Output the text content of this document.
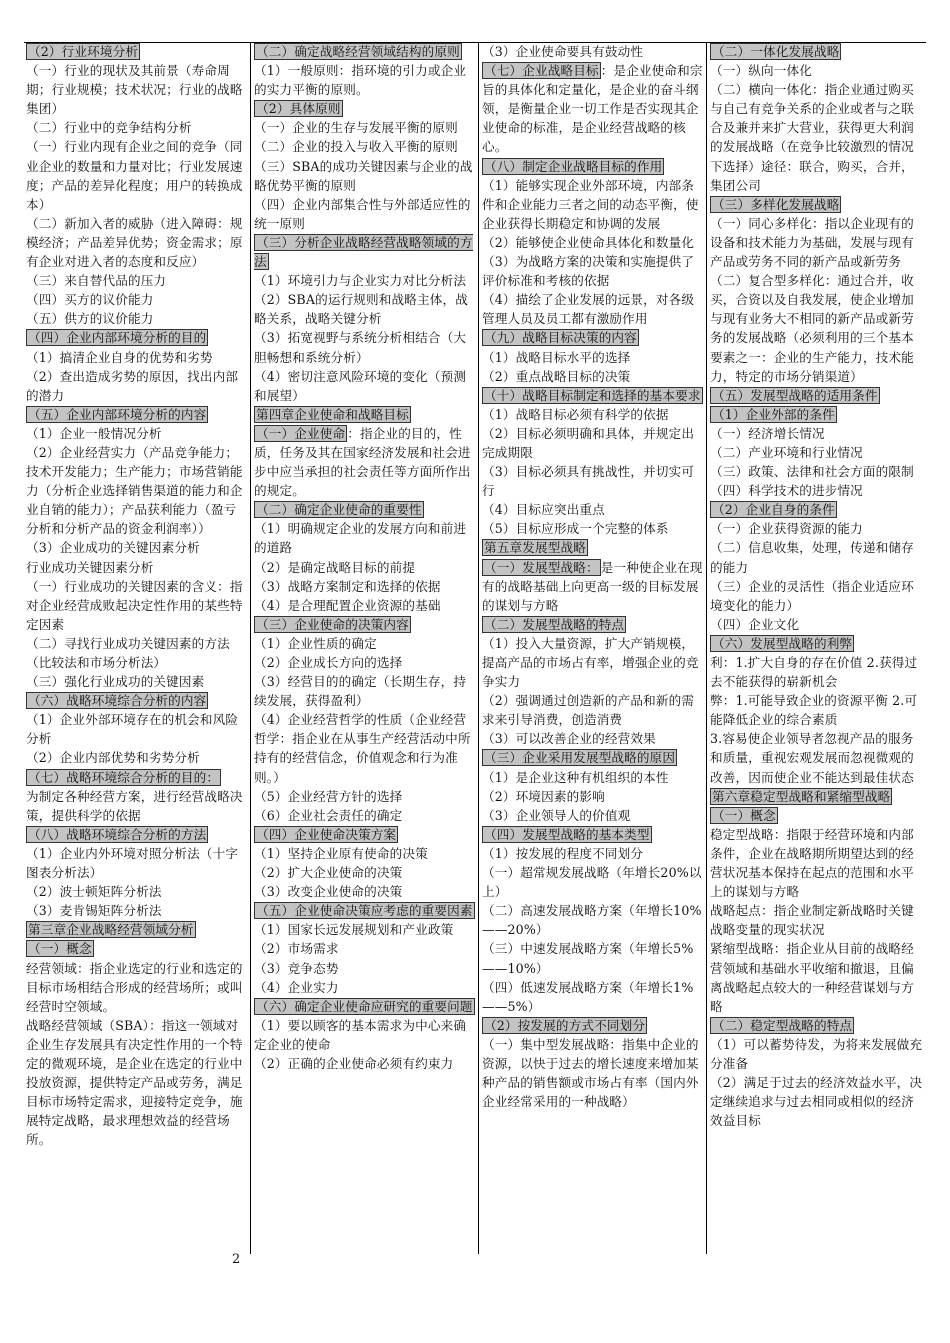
（2）行业环境分析
（一）行业的现状及其前景（寿命周期；行业规模；技术状况；行业的战略集团）
（二）行业中的竞争结构分析
（一）行业内现有企业之间的竞争（同业企业的数量和力量对比；行业发展速度；产品的差异化程度；用户的转换成本）
（二）新加入者的威胁（进入障碍：规模经济；产品差异优势；资金需求；原有企业对进入者的态度和反应）
（三）来自替代品的压力
（四）买方的议价能力
（五）供方的议价能力
（四）企业内部环境分析的目的
（1）搞清企业自身的优势和劣势
（2）查出造成劣势的原因，找出内部的潜力
（五）企业内部环境分析的内容
（1）企业一般情况分析
（2）企业经营实力（产品竞争能力；技术开发能力；生产能力；市场营销能力（分析企业选择销售渠道的能力和企业自销的能力）；产品获利能力（盈亏分析和分析产品的资金利润率））
（3）企业成功的关键因素分析
行业成功关键因素分析
（一）行业成功的关键因素的含义：指对企业经营成败起决定性作用的某些特定因素
（二）寻找行业成功关键因素的方法（比较法和市场分析法）
（三）强化行业成功的关键因素
（六）战略环境综合分析的内容
（1）企业外部环境存在的机会和风险分析
（2）企业内部优势和劣势分析
（七）战略环境综合分析的目的：
为制定各种经营方案，进行经营战略决策，提供科学的依据
（八）战略环境综合分析的方法
（1）企业内外环境对照分析法（十字图表分析法）
（2）波士顿矩阵分析法
（3）麦肯锡矩阵分析法
第三章企业战略经营领域分析
（一）概念
经营领域：指企业选定的行业和选定的目标市场相结合形成的经营场所；或叫经营时空领域。
战略经营领域（SBA）：指这一领域对企业生存发展具有决定性作用的一个特定的微观环境，是企业在选定的行业中投放资源，提供特定产品或劳务，满足目标市场特定需求，迎接特定竞争，施展特定战略，最求理想效益的经营场所。
（二）确定战略经营领域结构的原则
（1）一般原则：指环境的引力或企业的实力平衡的原则。
（2）具体原则
（一）企业的生存与发展平衡的原则
（二）企业的投入与收入平衡的原则
（三）SBA的成功关键因素与企业的战略优势平衡的原则
（四）企业内部集合性与外部适应性的统一原则
（三）分析企业战略经营战略领域的方法
（1）环境引力与企业实力对比分析法
（2）SBA的运行规则和战略主体，战略关系，战略关键分析
（3）拓宽视野与系统分析相结合（大胆畅想和系统分析）
（4）密切注意风险环境的变化（预测和展望）
第四章企业使命和战略目标
（一）企业使命 ：指企业的目的，性质，任务及其在国家经济发展和社会进步中应当承担的社会责任等方面所作出的规定。
（二）确定企业使命的重要性
（1）明确规定企业的发展方向和前进的道路
（2）是确定战略目标的前提
（3）战略方案制定和选择的依据
（4）是合理配置企业资源的基础
（三）企业使命的决策内容
（1）企业性质的确定
（2）企业成长方向的选择
（3）经营目的的确定（长期生存，持续发展，获得盈利）
（4）企业经营哲学的性质（企业经营哲学：指企业在从事生产经营活动中所持有的经营信念，价值观念和行为准则。）
（5）企业经营方针的选择
（6）企业社会责任的确定
（四）企业使命决策方案
（1）坚持企业原有使命的决策
（2）扩大企业使命的决策
（3）改变企业使命的决策
（五）企业使命决策应考虑的重要因素
（1）国家长远发展规划和产业政策
（2）市场需求
（3）竞争态势
（4）企业实力
（六）确定企业使命应研究的重要问题
（1）要以顾客的基本需求为中心来确定企业的使命
（2）正确的企业使命必须有约束力
（3）企业使命要具有鼓动性
（七）企业战略目标 ：是企业使命和宗旨的具体化和定量化，是企业的奋斗纲领，是衡量企业一切工作是否实现其企业使命的标准，是企业经营战略的核心。
（八）制定企业战略目标的作用
（1）能够实现企业外部环境，内部条件和企业能力三者之间的动态平衡，使企业获得长期稳定和协调的发展
（2）能够使企业使命具体化和数量化
（3）为战略方案的决策和实施提供了评价标准和考核的依据
（4）描绘了企业发展的远景，对各级管理人员及员工都有激励作用
（九）战略目标决策的内容
（1）战略目标水平的选择
（2）重点战略目标的决策
（十）战略目标制定和选择的基本要求
（1）战略目标必须有科学的依据
（2）目标必须明确和具体，并规定出完成期限
（3）目标必须具有挑战性，并切实可行
（4）目标应突出重点
（5）目标应形成一个完整的体系
第五章发展型战略
（一）发展型战略： 是一种使企业在现有的战略基础上向更高一级的目标发展的谋划与方略
（二）发展型战略的特点
（1）投入大量资源，扩大产销规模，提高产品的市场占有率，增强企业的竞争实力
（2）强调通过创造新的产品和新的需求来引导消费，创造消费
（3）可以改善企业的经营效果
（三）企业采用发展型战略的原因
（1）是企业这种有机组织的本性
（2）环境因素的影响
（3）企业领导人的价值观
（四）发展型战略的基本类型
（1）按发展的程度不同划分
（一）超常规发展战略（年增长20%以上）
（二）高速发展战略方案（年增长10%——20%）
（三）中速发展战略方案（年增长5%——10%）
（四）低速发展战略方案（年增长1%——5%）
（2）按发展的方式不同划分
（一）集中型发展战略：指集中企业的资源，以快于过去的增长速度来增加某种产品的销售额或市场占有率（国内外企业经常采用的一种战略）
（二）一体化发展战略
（一）纵向一体化
（二）横向一体化：指企业通过购买与自己有竞争关系的企业或者与之联合及兼并来扩大营业，获得更大利润的发展战略（在竞争比较激烈的情况下选择）途径：联合，购买，合并，集团公司
（三）多样化发展战略
（一）同心多样化：指以企业现有的设备和技术能力为基础，发展与现有产品或劳务不同的新产品或新劳务
（二）复合型多样化：通过合并，收买，合资以及自我发展，使企业增加与现有业务大不相同的新产品或新劳务的发展战略（必须利用的三个基本要素之一：企业的生产能力，技术能力，特定的市场分销渠道）
（五）发展型战略的适用条件
（1）企业外部的条件
（一）经济增长情况
（二）产业环境和行业情况
（三）政策、法律和社会方面的限制
（四）科学技术的进步情况
（2）企业自身的条件
（一）企业获得资源的能力
（二）信息收集，处理，传递和储存的能力
（三）企业的灵活性（指企业适应环境变化的能力）
（四）企业文化
（六）发展型战略的利弊
利：1.扩大自身的存在价值 2.获得过去不能获得的崭新机会
弊：1.可能导致企业的资源平衡 2.可能降低企业的综合素质
3.容易使企业领导者忽视产品的服务和质量，重视宏观发展而忽视微观的改善，因而使企业不能达到最佳状态
第六章稳定型战略和紧缩型战略
（一）概念
稳定型战略：指限于经营环境和内部条件，企业在战略期所期望达到的经营状况基本保持在起点的范围和水平上的谋划与方略
战略起点：指企业制定新战略时关键战略变量的现实状况
紧缩型战略：指企业从目前的战略经营领域和基础水平收缩和撤退，且偏离战略起点较大的一种经营谋划与方略
（二）稳定型战略的特点
（1）可以蓄势待发，为将来发展做充分准备
（2）满足于过去的经济效益水平，决定继续追求与过去相同或相似的经济效益目标
2
